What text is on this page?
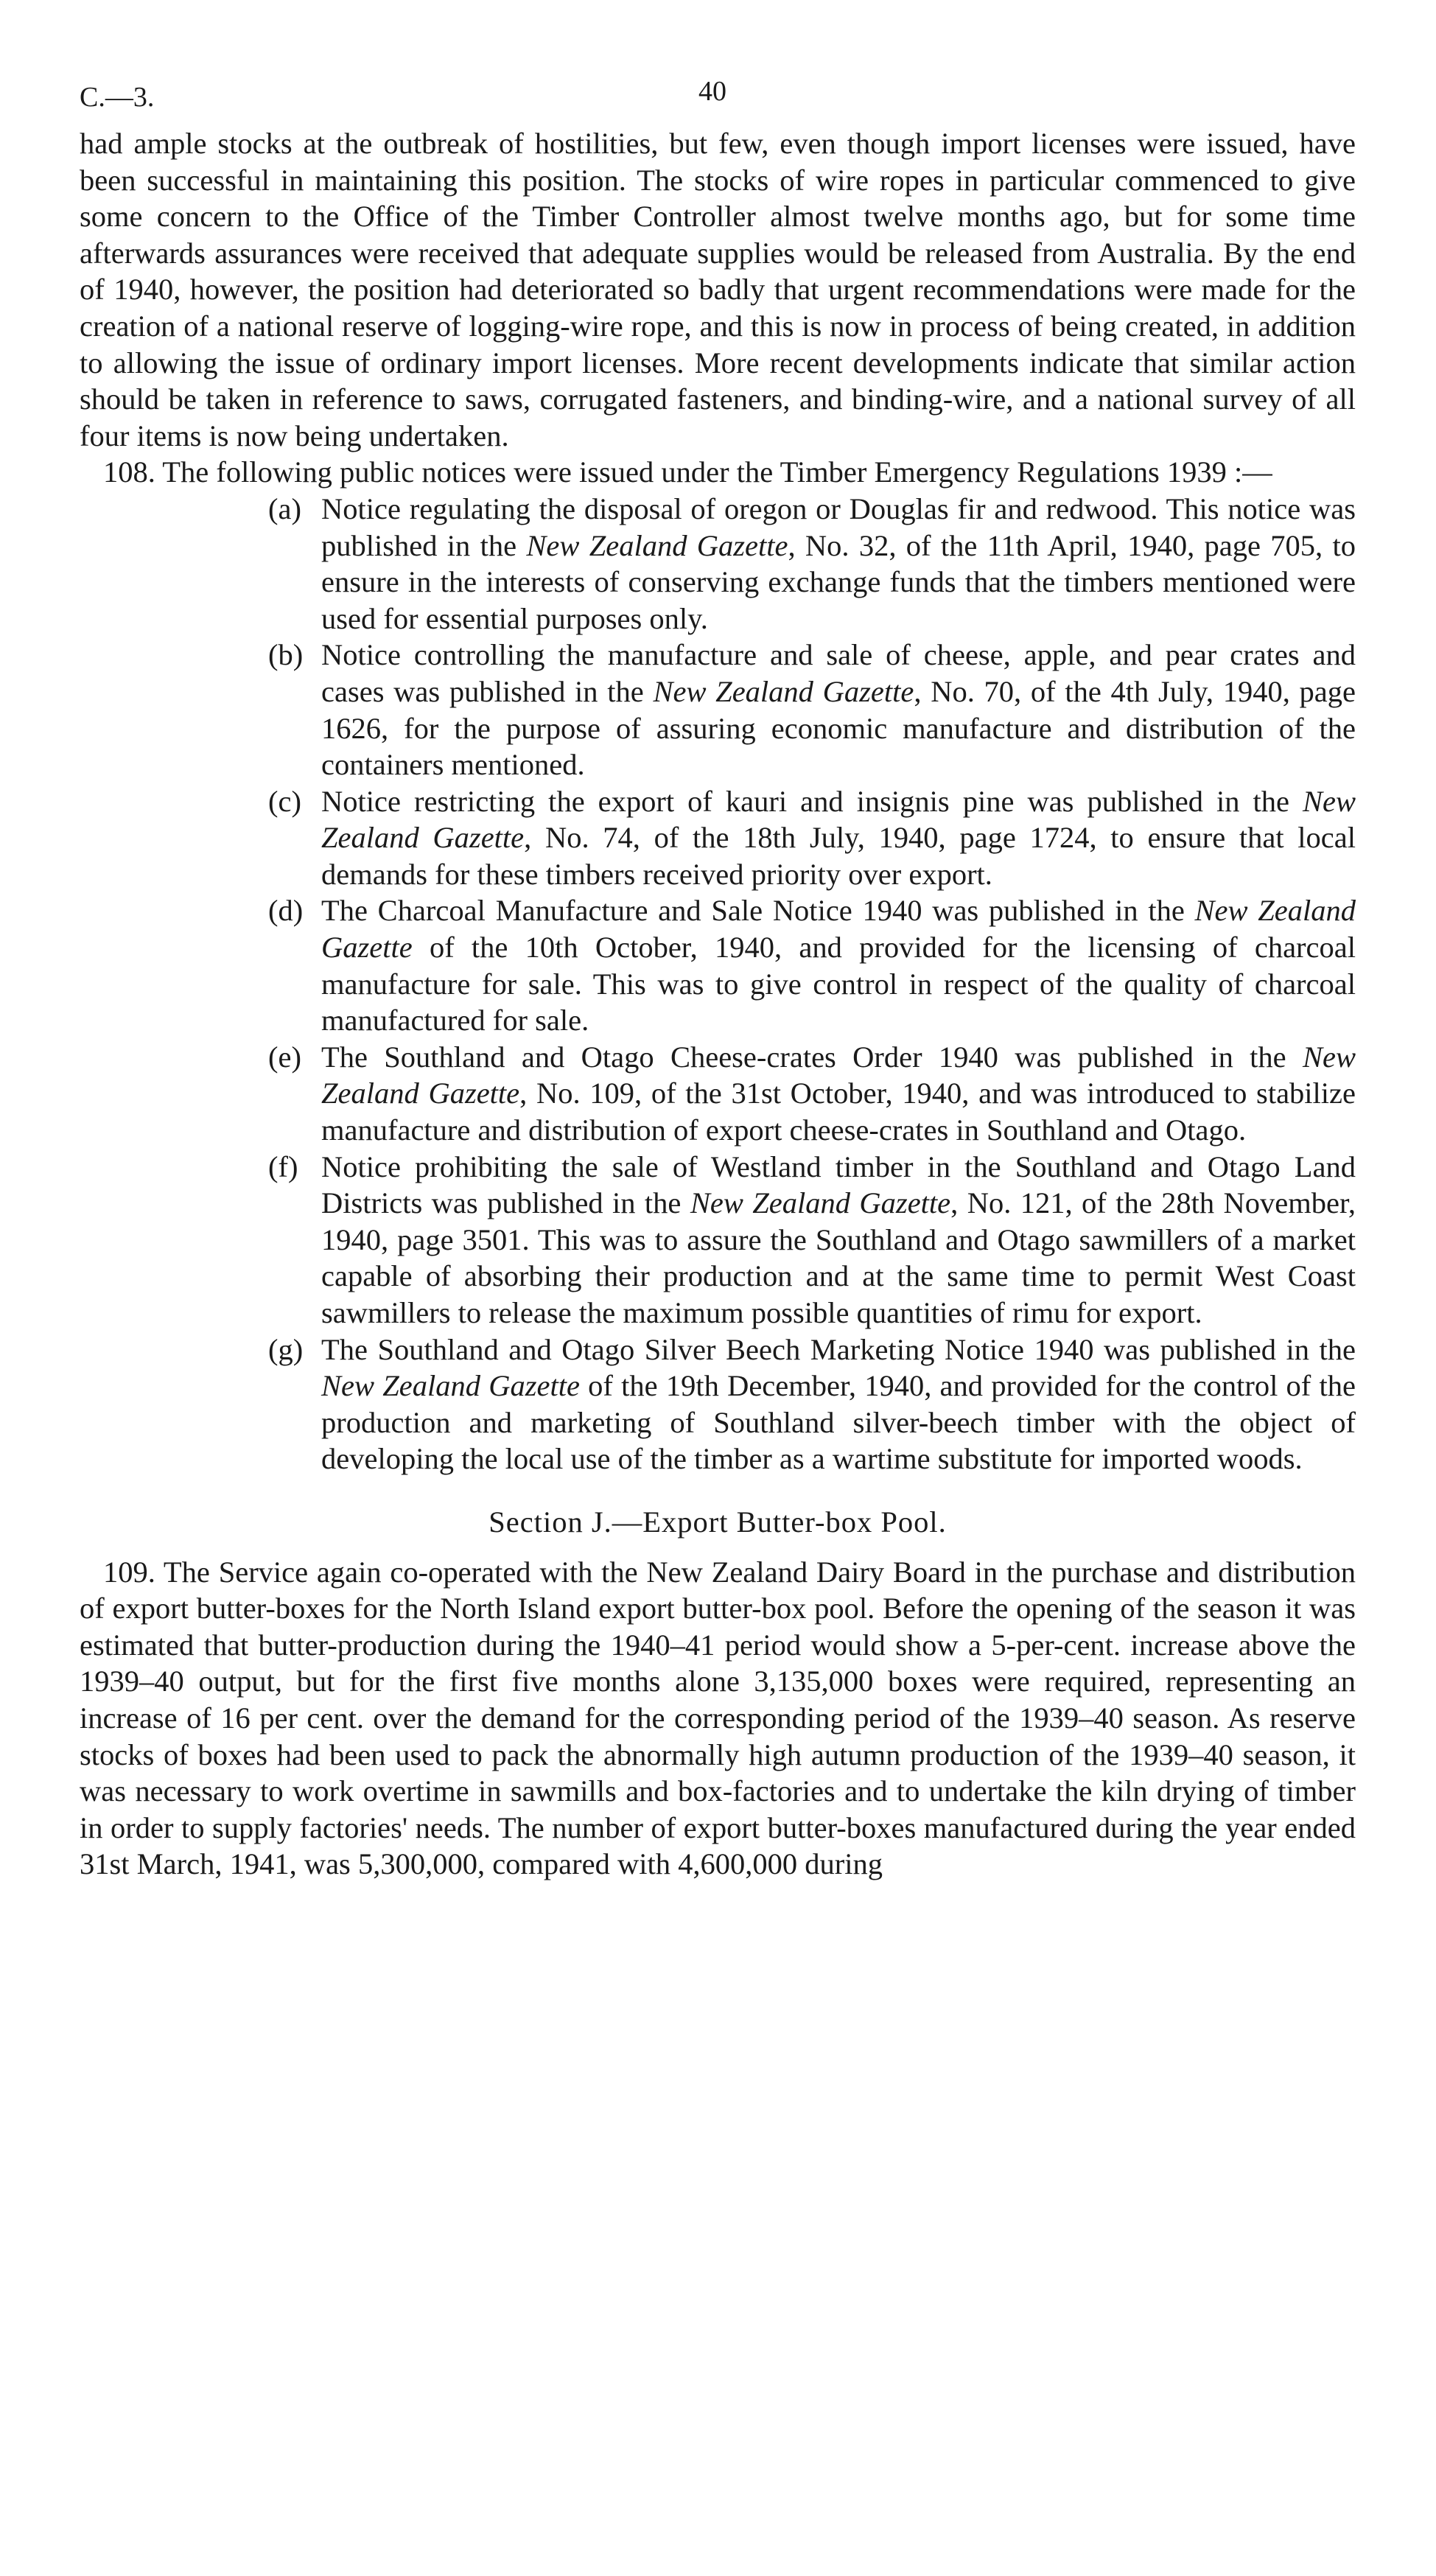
C.—3.	40

had ample stocks at the outbreak of hostilities, but few, even though import licenses were issued, have been successful in maintaining this position. The stocks of wire ropes in particular commenced to give some concern to the Office of the Timber Controller almost twelve months ago, but for some time afterwards assurances were received that adequate supplies would be released from Australia. By the end of 1940, however, the position had deteriorated so badly that urgent recommendations were made for the creation of a national reserve of logging-wire rope, and this is now in process of being created, in addition to allowing the issue of ordinary import licenses. More recent developments indicate that similar action should be taken in reference to saws, corrugated fasteners, and binding-wire, and a national survey of all four items is now being undertaken.

108. The following public notices were issued under the Timber Emergency Regulations 1939 :—

(a) Notice regulating the disposal of oregon or Douglas fir and redwood. This notice was published in the New Zealand Gazette, No. 32, of the 11th April, 1940, page 705, to ensure in the interests of conserving exchange funds that the timbers mentioned were used for essential purposes only.
(b) Notice controlling the manufacture and sale of cheese, apple, and pear crates and cases was published in the New Zealand Gazette, No. 70, of the 4th July, 1940, page 1626, for the purpose of assuring economic manufacture and distribution of the containers mentioned.
(c) Notice restricting the export of kauri and insignis pine was published in the New Zealand Gazette, No. 74, of the 18th July, 1940, page 1724, to ensure that local demands for these timbers received priority over export.
(d) The Charcoal Manufacture and Sale Notice 1940 was published in the New Zealand Gazette of the 10th October, 1940, and provided for the licensing of charcoal manufacture for sale. This was to give control in respect of the quality of charcoal manufactured for sale.
(e) The Southland and Otago Cheese-crates Order 1940 was published in the New Zealand Gazette, No. 109, of the 31st October, 1940, and was introduced to stabilize manufacture and distribution of export cheese-crates in Southland and Otago.
(f) Notice prohibiting the sale of Westland timber in the Southland and Otago Land Districts was published in the New Zealand Gazette, No. 121, of the 28th November, 1940, page 3501. This was to assure the Southland and Otago sawmillers of a market capable of absorbing their production and at the same time to permit West Coast sawmillers to release the maximum possible quantities of rimu for export.
(g) The Southland and Otago Silver Beech Marketing Notice 1940 was published in the New Zealand Gazette of the 19th December, 1940, and provided for the control of the production and marketing of Southland silver-beech timber with the object of developing the local use of the timber as a wartime substitute for imported woods.
Section J.—Export Butter-box Pool.

109. The Service again co-operated with the New Zealand Dairy Board in the purchase and distribution of export butter-boxes for the North Island export butter-box pool. Before the opening of the season it was estimated that butter-production during the 1940–41 period would show a 5-per-cent. increase above the 1939–40 output, but for the first five months alone 3,135,000 boxes were required, representing an increase of 16 per cent. over the demand for the corresponding period of the 1939–40 season. As reserve stocks of boxes had been used to pack the abnormally high autumn production of the 1939–40 season, it was necessary to work overtime in sawmills and box-factories and to undertake the kiln drying of timber in order to supply factories' needs. The number of export butter-boxes manufactured during the year ended 31st March, 1941, was 5,300,000, compared with 4,600,000 during
